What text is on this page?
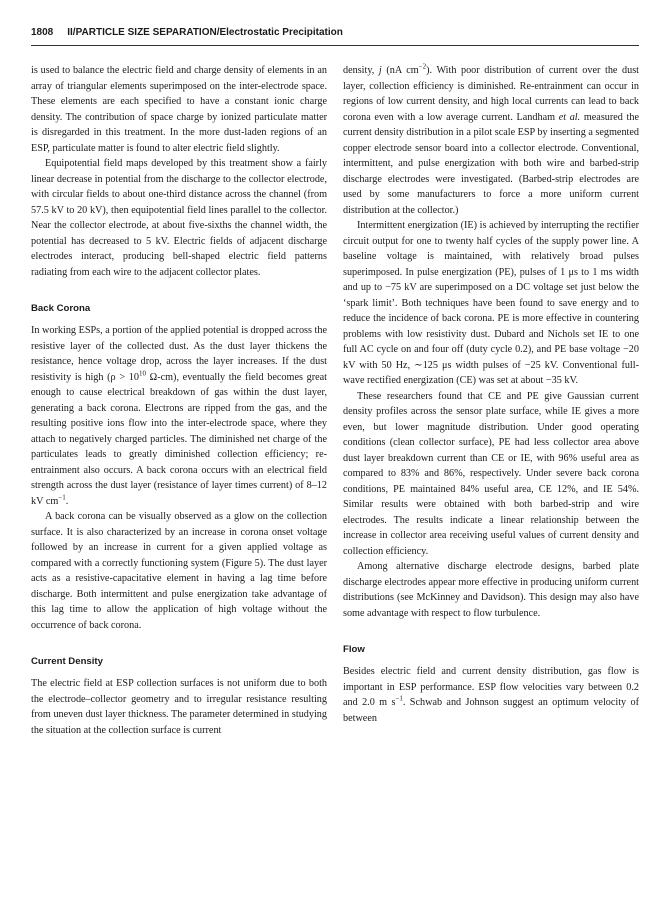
1808 II/PARTICLE SIZE SEPARATION/Electrostatic Precipitation

is used to balance the electric field and charge density of elements in an array of triangular elements superimposed on the inter-electrode space. These elements are each specified to have a constant ionic charge density. The contribution of space charge by ionized particulate matter is disregarded in this treatment. In the more dust-laden regions of an ESP, particulate matter is found to alter electric field slightly.

Equipotential field maps developed by this treatment show a fairly linear decrease in potential from the discharge to the collector electrode, with circular fields to about one-third distance across the channel (from 57.5 kV to 20 kV), then equipotential field lines parallel to the collector. Near the collector electrode, at about five-sixths the channel width, the potential has decreased to 5 kV. Electric fields of adjacent discharge electrodes interact, producing bell-shaped electric field patterns radiating from each wire to the adjacent collector plates.

Back Corona

In working ESPs, a portion of the applied potential is dropped across the resistive layer of the collected dust. As the dust layer thickens the resistance, hence voltage drop, across the layer increases. If the dust resistivity is high ($\rho > 10^{10}$ Ω-cm), eventually the field becomes great enough to cause electrical breakdown of gas within the dust layer, generating a back corona. Electrons are ripped from the gas, and the resulting positive ions flow into the inter-electrode space, where they attach to negatively charged particles. The diminished net charge of the particulates leads to greatly diminished collection efficiency; re-entrainment also occurs. A back corona occurs with an electrical field strength across the dust layer (resistance of layer times current) of 8–12 kV $cm^{-1}$.

A back corona can be visually observed as a glow on the collection surface. It is also characterized by an increase in corona onset voltage followed by an increase in current for a given applied voltage as compared with a correctly functioning system (Figure 5). The dust layer acts as a resistive-capacitative element in having a lag time before discharge. Both intermittent and pulse energization take advantage of this lag time to allow the application of high voltage without the occurrence of back corona.

Current Density

The electric field at ESP collection surfaces is not uniform due to both the electrode–collector geometry and to irregular resistance resulting from uneven dust layer thickness. The parameter determined in studying the situation at the collection surface is current

density, j (nA $cm^{-2}$). With poor distribution of current over the dust layer, collection efficiency is diminished. Re-entrainment can occur in regions of low current density, and high local currents can lead to back corona even with a low average current. Landham et al. measured the current density distribution in a pilot scale ESP by inserting a segmented copper electrode sensor board into a collector electrode. Conventional, intermittent, and pulse energization with both wire and barbed-strip discharge electrodes were investigated. (Barbed-strip electrodes are used by some manufacturers to force a more uniform current distribution at the collector.)

Intermittent energization (IE) is achieved by interrupting the rectifier circuit output for one to twenty half cycles of the supply power line. A baseline voltage is maintained, with relatively broad pulses superimposed. In pulse energization (PE), pulses of 1 μs to 1 ms width and up to −75 kV are superimposed on a DC voltage set just below the ‘spark limit’. Both techniques have been found to save energy and to reduce the incidence of back corona. PE is more effective in countering problems with low resistivity dust. Dubard and Nichols set IE to one full AC cycle on and four off (duty cycle 0.2), and PE base voltage −20 kV with 50 Hz, ∼125 μs width pulses of −25 kV. Conventional full-wave rectified energization (CE) was set at about −35 kV.

These researchers found that CE and PE give Gaussian current density profiles across the sensor plate surface, while IE gives a more even, but lower magnitude distribution. Under good operating conditions (clean collector surface), PE had less collector area above dust layer breakdown current than CE or IE, with 96% useful area as compared to 83% and 86%, respectively. Under severe back corona conditions, PE maintained 84% useful area, CE 12%, and IE 54%. Similar results were obtained with both barbed-strip and wire electrodes. The results indicate a linear relationship between the increase in collector area receiving useful values of current density and collection efficiency.

Among alternative discharge electrode designs, barbed plate discharge electrodes appear more effective in producing uniform current distributions (see McKinney and Davidson). This design may also have some advantage with respect to flow turbulence.

Flow

Besides electric field and current density distribution, gas flow is important in ESP performance. ESP flow velocities vary between 0.2 and 2.0 m $s^{-1}$. Schwab and Johnson suggest an optimum velocity of between
